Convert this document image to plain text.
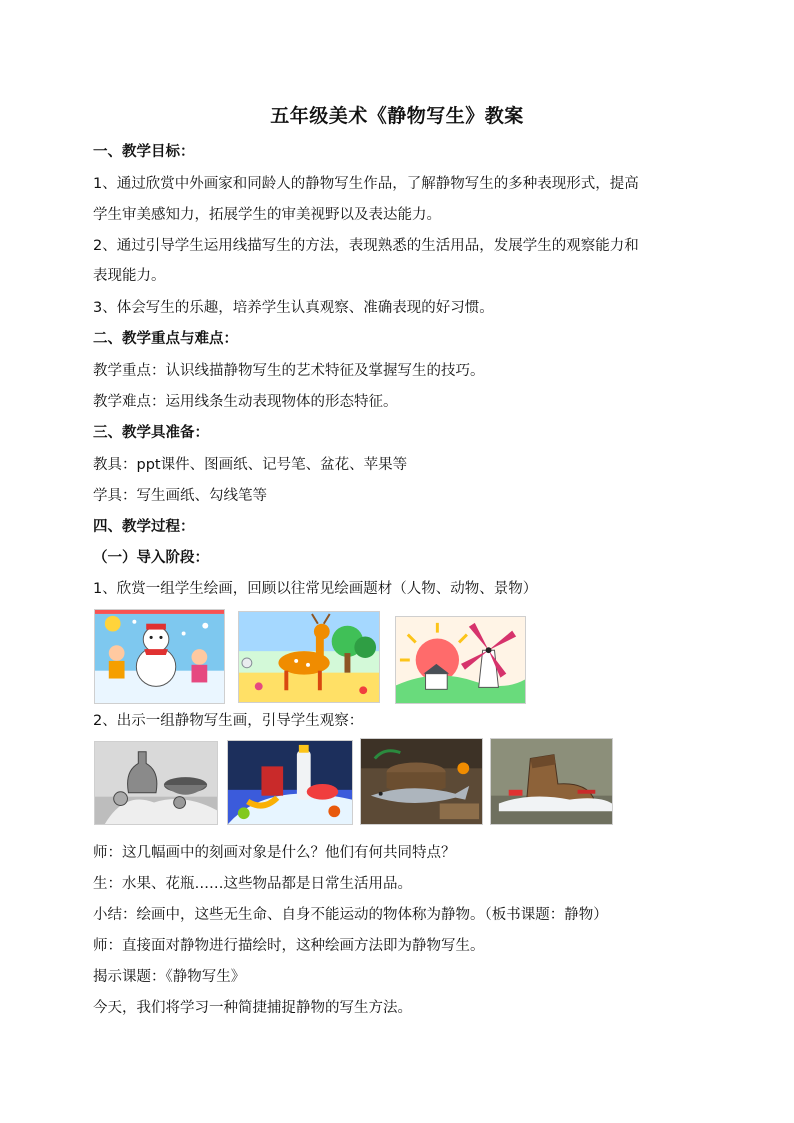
五年级美术《静物写生》教案
一、教学目标：
1、通过欣赏中外画家和同龄人的静物写生作品，了解静物写生的多种表现形式，提高
学生审美感知力，拓展学生的审美视野以及表达能力。
2、通过引导学生运用线描写生的方法，表现熟悉的生活用品，发展学生的观察能力和
表现能力。
3、体会写生的乐趣，培养学生认真观察、准确表现的好习惯。
二、教学重点与难点：
教学重点：认识线描静物写生的艺术特征及掌握写生的技巧。
教学难点：运用线条生动表现物体的形态特征。
三、教学具准备：
教具：ppt课件、图画纸、记号笔、盆花、苹果等
学具：写生画纸、勾线笔等
四、教学过程：
（一）导入阶段：
1、欣赏一组学生绘画，回顾以往常见绘画题材（人物、动物、景物）
2、出示一组静物写生画，引导学生观察：
师：这几幅画中的刻画对象是什么？他们有何共同特点？
生：水果、花瓶……这些物品都是日常生活用品。
小结：绘画中，这些无生命、自身不能运动的物体称为静物。（板书课题：静物）
师：直接面对静物进行描绘时，这种绘画方法即为静物写生。
揭示课题：《静物写生》
今天，我们将学习一种简捷捕捉静物的写生方法。
